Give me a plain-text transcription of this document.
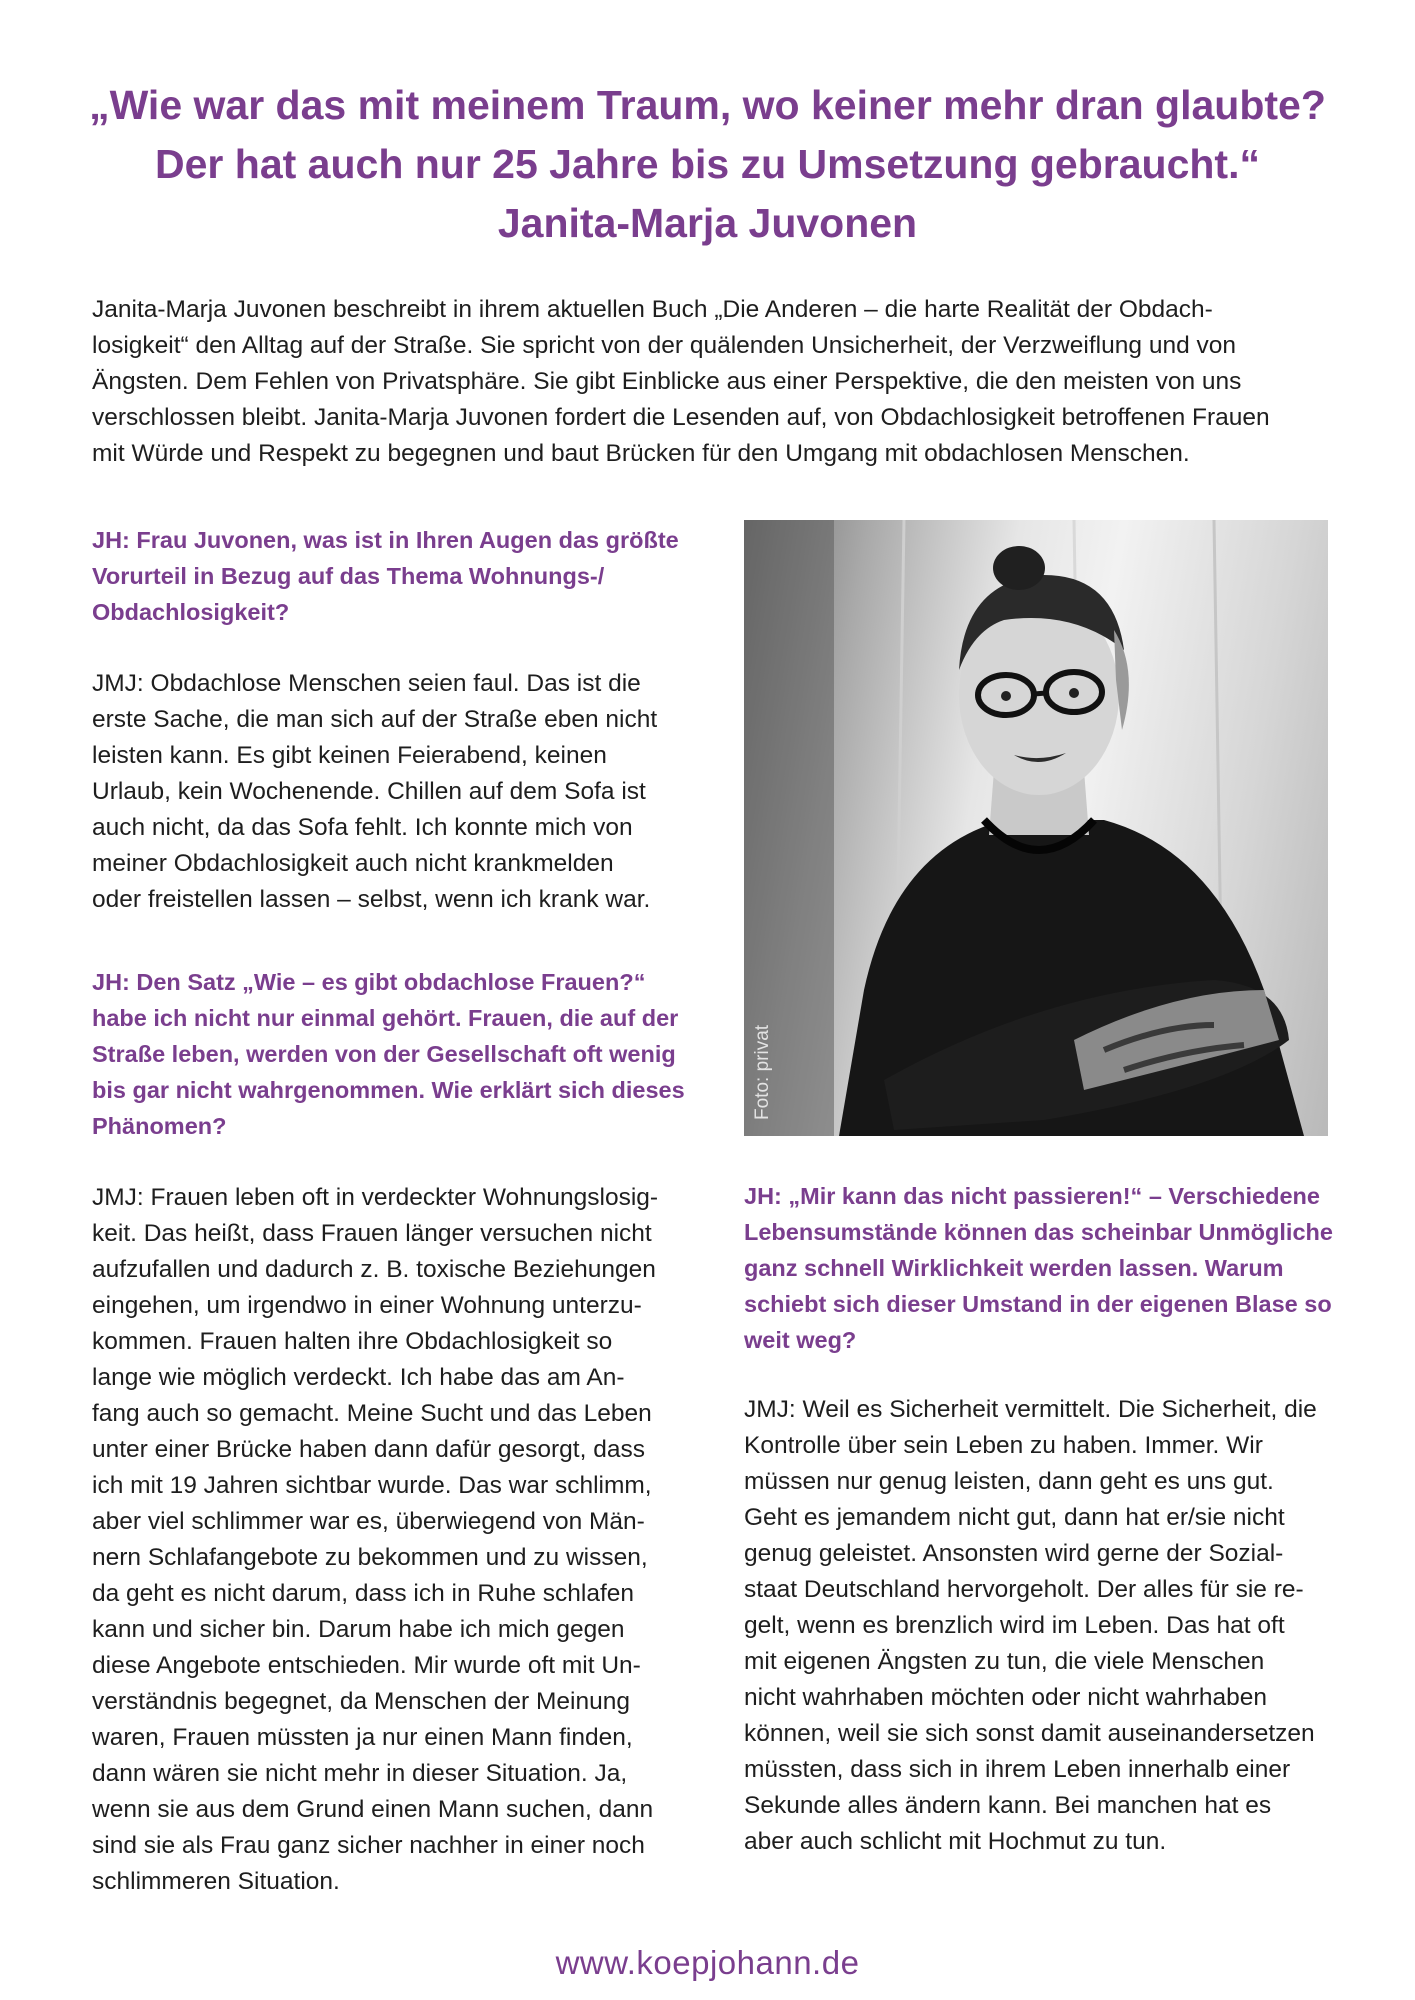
„Wie war das mit meinem Traum, wo keiner mehr dran glaubte?
Der hat auch nur 25 Jahre bis zu Umsetzung gebraucht.“
Janita-Marja Juvonen
Janita-Marja Juvonen beschreibt in ihrem aktuellen Buch „Die Anderen – die harte Realität der Obdach-
losigkeit“ den Alltag auf der Straße. Sie spricht von der quälenden Unsicherheit, der Verzweiflung und von
Ängsten. Dem Fehlen von Privatsphäre. Sie gibt Einblicke aus einer Perspektive, die den meisten von uns
verschlossen bleibt. Janita-Marja Juvonen fordert die Lesenden auf, von Obdachlosigkeit betroffenen Frauen
mit Würde und Respekt zu begegnen und baut Brücken für den Umgang mit obdachlosen Menschen.
JH: Frau Juvonen, was ist in Ihren Augen das größte
Vorurteil in Bezug auf das Thema Wohnungs-/
Obdachlosigkeit?
JMJ: Obdachlose Menschen seien faul. Das ist die
erste Sache, die man sich auf der Straße eben nicht
leisten kann. Es gibt keinen Feierabend, keinen
Urlaub, kein Wochenende. Chillen auf dem Sofa ist
auch nicht, da das Sofa fehlt. Ich konnte mich von
meiner Obdachlosigkeit auch nicht krankmelden
oder freistellen lassen – selbst, wenn ich krank war.
JH: Den Satz „Wie – es gibt obdachlose Frauen?“
habe ich nicht nur einmal gehört. Frauen, die auf der
Straße leben, werden von der Gesellschaft oft wenig
bis gar nicht wahrgenommen. Wie erklärt sich dieses
Phänomen?
JMJ: Frauen leben oft in verdeckter Wohnungslosig-
keit. Das heißt, dass Frauen länger versuchen nicht
aufzufallen und dadurch z. B. toxische Beziehungen
eingehen, um irgendwo in einer Wohnung unterzu-
kommen. Frauen halten ihre Obdachlosigkeit so
lange wie möglich verdeckt. Ich habe das am An-
fang auch so gemacht. Meine Sucht und das Leben
unter einer Brücke haben dann dafür gesorgt, dass
ich mit 19 Jahren sichtbar wurde. Das war schlimm,
aber viel schlimmer war es, überwiegend von Män-
nern Schlafangebote zu bekommen und zu wissen,
da geht es nicht darum, dass ich in Ruhe schlafen
kann und sicher bin. Darum habe ich mich gegen
diese Angebote entschieden. Mir wurde oft mit Un-
verständnis begegnet, da Menschen der Meinung
waren, Frauen müssten ja nur einen Mann finden,
dann wären sie nicht mehr in dieser Situation. Ja,
wenn sie aus dem Grund einen Mann suchen, dann
sind sie als Frau ganz sicher nachher in einer noch
schlimmeren Situation.
Foto: privat
JH: „Mir kann das nicht passieren!“ – Verschiedene
Lebensumstände können das scheinbar Unmögliche
ganz schnell Wirklichkeit werden lassen. Warum
schiebt sich dieser Umstand in der eigenen Blase so
weit weg?
JMJ: Weil es Sicherheit vermittelt. Die Sicherheit, die
Kontrolle über sein Leben zu haben. Immer. Wir
müssen nur genug leisten, dann geht es uns gut.
Geht es jemandem nicht gut, dann hat er/sie nicht
genug geleistet. Ansonsten wird gerne der Sozial-
staat Deutschland hervorgeholt. Der alles für sie re-
gelt, wenn es brenzlich wird im Leben. Das hat oft
mit eigenen Ängsten zu tun, die viele Menschen
nicht wahrhaben möchten oder nicht wahrhaben
können, weil sie sich sonst damit auseinandersetzen
müssten, dass sich in ihrem Leben innerhalb einer
Sekunde alles ändern kann. Bei manchen hat es
aber auch schlicht mit Hochmut zu tun.
www.koepjohann.de
